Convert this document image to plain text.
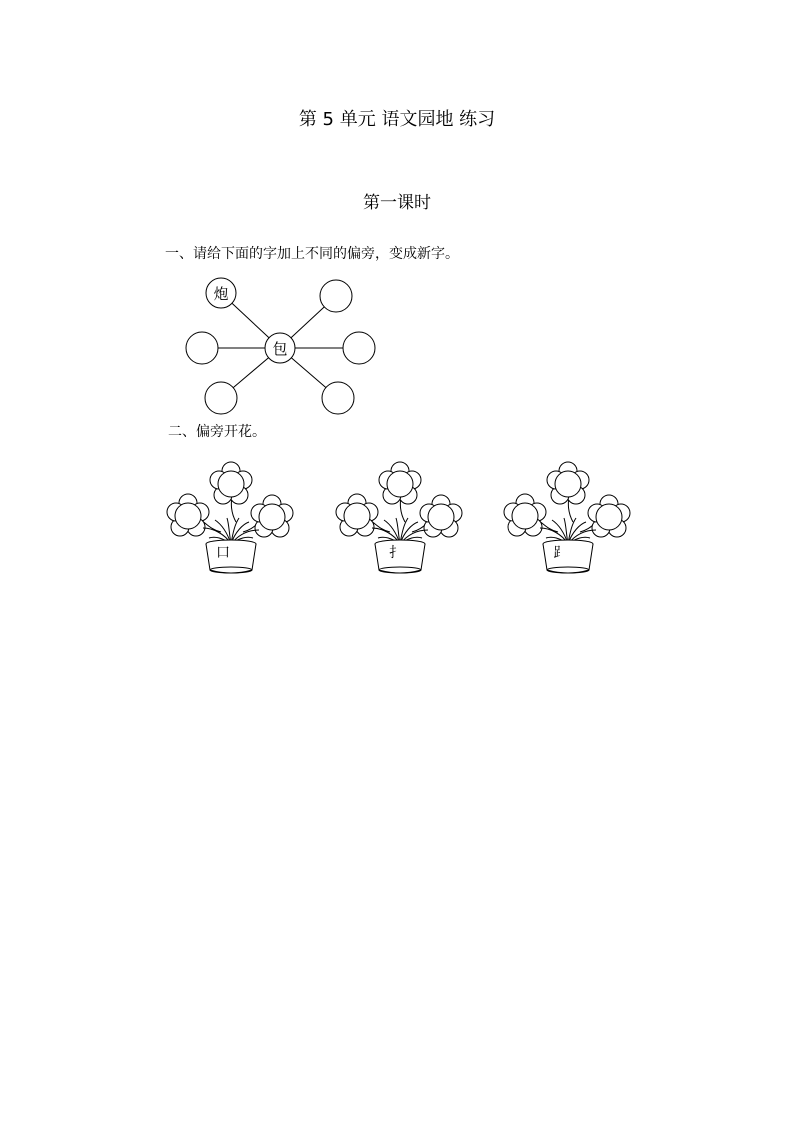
第 5 单元 语文园地 练习
第一课时
一、请给下面的字加上不同的偏旁，变成新字。
包
炮
二、偏旁开花。
口	扌	⻊
